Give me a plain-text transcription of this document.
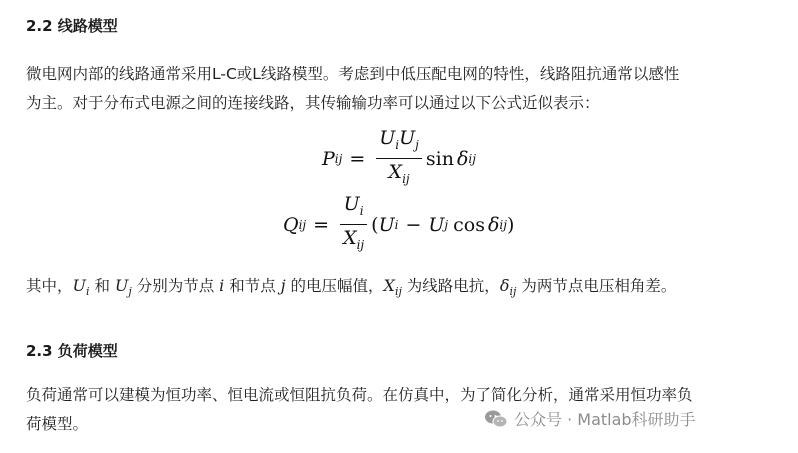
2.2 线路模型
微电网内部的线路通常采用L-C或L线路模型。考虑到中低压配电网的特性，线路阻抗通常以感性
为主。对于分布式电源之间的连接线路，其传输输功率可以通过以下公式近似表示：
P ij = $\frac{U_iU_j}{X_{ij}}$ sin δ ij
Q ij = $\frac{U_i}{X_{ij}}$ ( U i − U j cos δ ij )
其中，$U_i$ 和 $U_j$ 分别为节点 i 和节点 j 的电压幅值，$X_{ij}$ 为线路电抗，$\delta_{ij}$ 为两节点电压相角差。
2.3 负荷模型
负荷通常可以建模为恒功率、恒电流或恒阻抗负荷。在仿真中，为了简化分析，通常采用恒功率负
荷模型。	公众号 · Matlab科研助手
